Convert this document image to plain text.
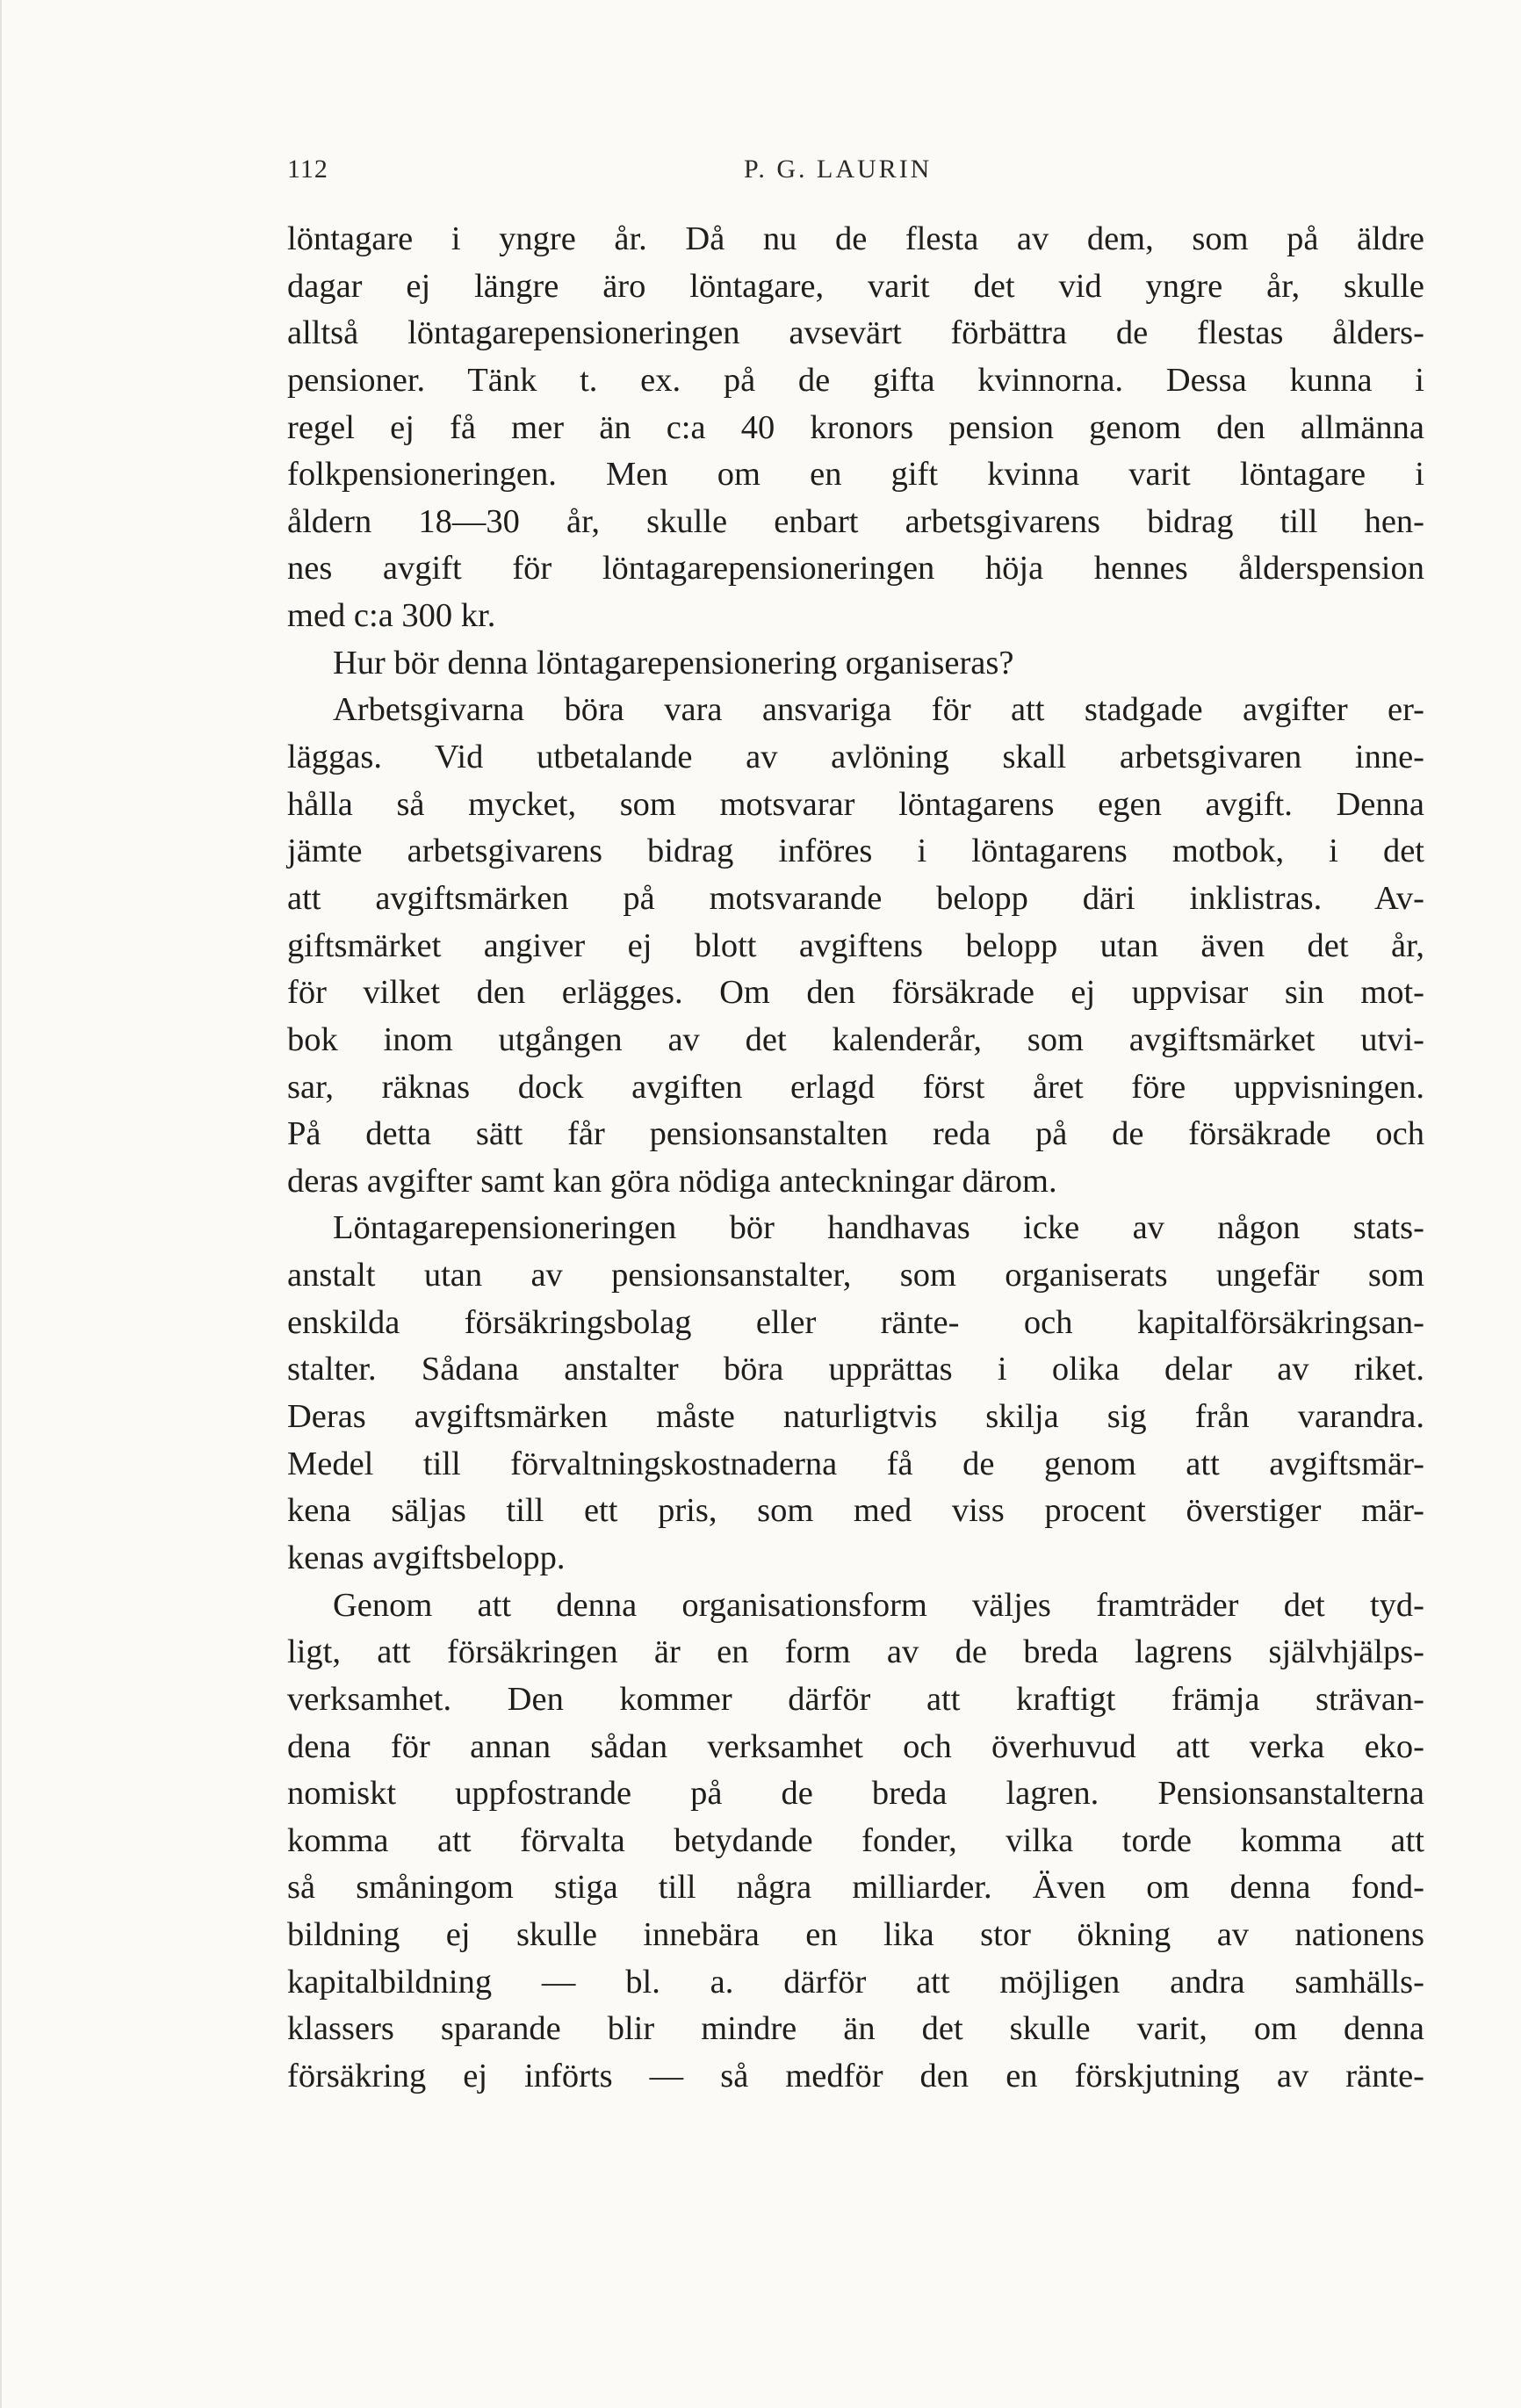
112	P. G. LAURIN
löntagare i yngre år. Då nu de flesta av dem, som på äldre
dagar ej längre äro löntagare, varit det vid yngre år, skulle
alltså löntagarepensioneringen avsevärt förbättra de flestas ålders-
pensioner. Tänk t. ex. på de gifta kvinnorna. Dessa kunna i
regel ej få mer än c:a 40 kronors pension genom den allmänna
folkpensioneringen. Men om en gift kvinna varit löntagare i
åldern 18—30 år, skulle enbart arbetsgivarens bidrag till hen-
nes avgift för löntagarepensioneringen höja hennes ålderspension
med c:a 300 kr.
Hur bör denna löntagarepensionering organiseras?
Arbetsgivarna böra vara ansvariga för att stadgade avgifter er-
läggas. Vid utbetalande av avlöning skall arbetsgivaren inne-
hålla så mycket, som motsvarar löntagarens egen avgift. Denna
jämte arbetsgivarens bidrag införes i löntagarens motbok, i det
att avgiftsmärken på motsvarande belopp däri inklistras. Av-
giftsmärket angiver ej blott avgiftens belopp utan även det år,
för vilket den erlägges. Om den försäkrade ej uppvisar sin mot-
bok inom utgången av det kalenderår, som avgiftsmärket utvi-
sar, räknas dock avgiften erlagd först året före uppvisningen.
På detta sätt får pensionsanstalten reda på de försäkrade och
deras avgifter samt kan göra nödiga anteckningar därom.
Löntagarepensioneringen bör handhavas icke av någon stats-
anstalt utan av pensionsanstalter, som organiserats ungefär som
enskilda försäkringsbolag eller ränte- och kapitalförsäkringsan-
stalter. Sådana anstalter böra upprättas i olika delar av riket.
Deras avgiftsmärken måste naturligtvis skilja sig från varandra.
Medel till förvaltningskostnaderna få de genom att avgiftsmär-
kena säljas till ett pris, som med viss procent överstiger mär-
kenas avgiftsbelopp.
Genom att denna organisationsform väljes framträder det tyd-
ligt, att försäkringen är en form av de breda lagrens självhjälps-
verksamhet. Den kommer därför att kraftigt främja strävan-
dena för annan sådan verksamhet och överhuvud att verka eko-
nomiskt uppfostrande på de breda lagren. Pensionsanstalterna
komma att förvalta betydande fonder, vilka torde komma att
så småningom stiga till några milliarder. Även om denna fond-
bildning ej skulle innebära en lika stor ökning av nationens
kapitalbildning — bl. a. därför att möjligen andra samhälls-
klassers sparande blir mindre än det skulle varit, om denna
försäkring ej införts — så medför den en förskjutning av ränte-
